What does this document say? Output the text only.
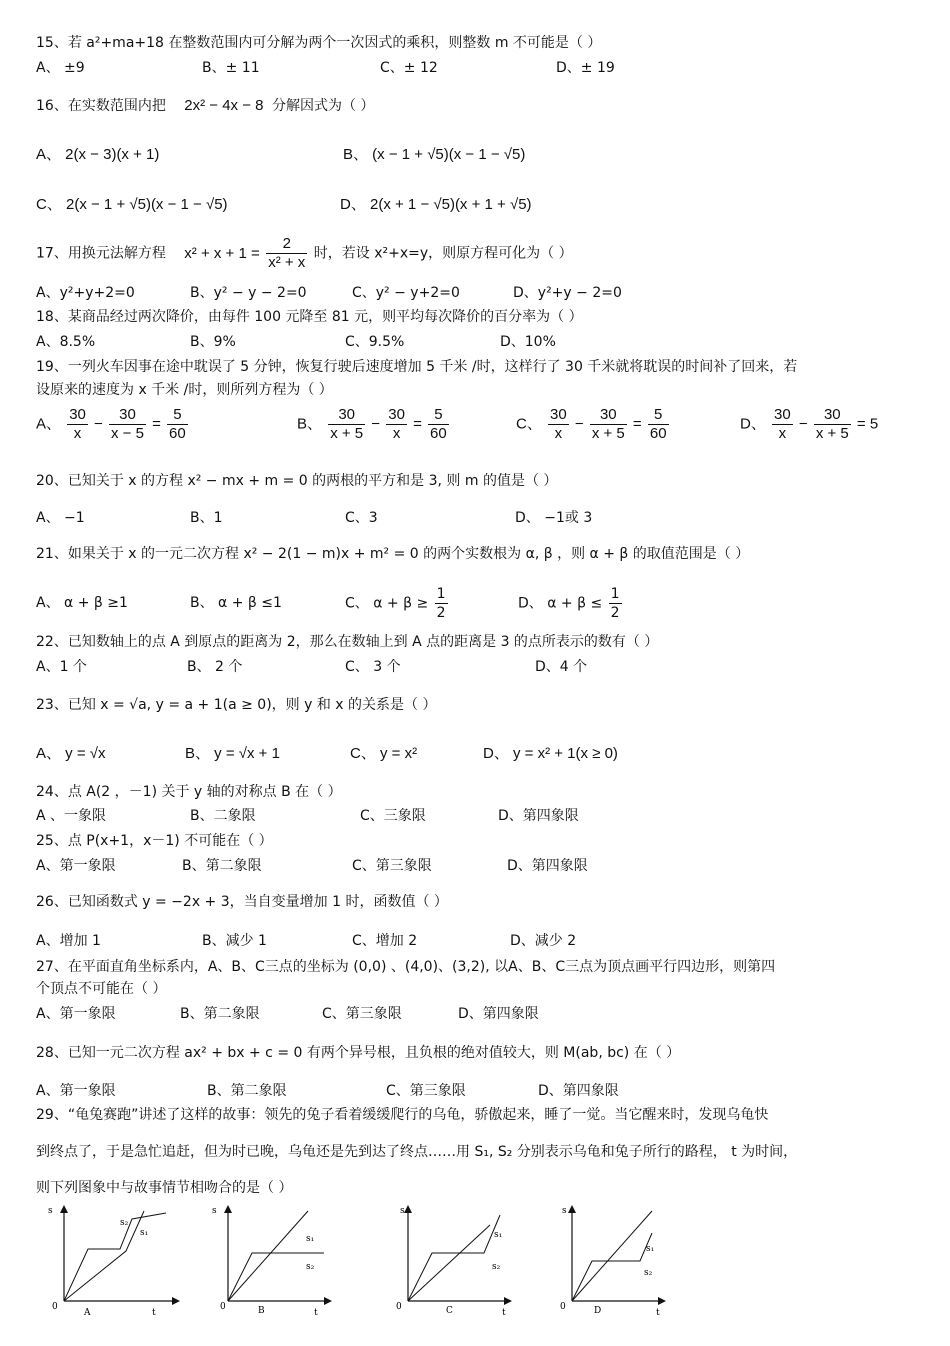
15、若 a²+ma+18 在整数范围内可分解为两个一次因式的乘积，则整数 m 不可能是（ ）
A、 ±9	B、± 11	C、± 12	D、± 19
16、在实数范围内把 2x² − 4x − 8 分解因式为（ ）
A、 2(x − 3)(x + 1)	B、 (x − 1 + √5)(x − 1 − √5)
C、 2(x − 1 + √5)(x − 1 − √5)	D、 2(x + 1 − √5)(x + 1 + √5)
17、用换元法解方程 $x^2 + x + 1 = \frac{2}{\text{x² + x}}$ 时，若设 x²+x=y，则原方程可化为（ ）
A、y²+y+2=0	B、y² − y − 2=0	C、y² − y+2=0	D、y²+y − 2=0
18、某商品经过两次降价，由每件 100 元降至 81 元，则平均每次降价的百分率为（ ）
A、8.5%	B、9%	C、9.5%	D、10%
19、一列火车因事在途中耽误了 5 分钟，恢复行驶后速度增加 5 千米 /时，这样行了 30 千米就将耽误的时间补了回来，若
设原来的速度为 x 千米 /时，则所列方程为（ ）
A、 $\frac{30}{x} - \frac{30}{x - 5} = \frac{5}{60}$	B、 $\frac{30}{x + 5} - \frac{30}{x} = \frac{5}{60}$	C、 $\frac{30}{x} - \frac{30}{x + 5} = \frac{5}{60}$	D、 $\frac{30}{x} - \frac{30}{x + 5} = 5$
20、已知关于 x 的方程 x² − mx + m = 0 的两根的平方和是 3, 则 m 的值是（ ）
A、 −1	B、1	C、3	D、 −1或 3
21、如果关于 x 的一元二次方程 x² − 2(1 − m)x + m² = 0 的两个实数根为 α, β ，则 α + β 的取值范围是（ ）
A、 α + β ≥1	B、 α + β ≤1	C、 $\alpha + \beta \ge \frac{1}{2}$	D、 $\alpha + \beta \le \frac{1}{2}$
22、已知数轴上的点 A 到原点的距离为 2，那么在数轴上到 A 点的距离是 3 的点所表示的数有（ ）
A、1 个	B、 2 个	C、 3 个	D、4 个
23、已知 x = √a, y = a + 1(a ≥ 0)，则 y 和 x 的关系是（ ）
A、 y = √x	B、 y = √x + 1	C、 y = x²	D、 y = x² + 1(x ≥ 0)
24、点 A(2 ，－1) 关于 y 轴的对称点 B 在（ ）
A 、一象限	B、二象限	C、三象限	D、第四象限
25、点 P(x+1，x－1) 不可能在（ ）
A、第一象限	B、第二象限	C、第三象限	D、第四象限
26、已知函数式 y = −2x + 3，当自变量增加 1 时，函数值（ ）
A、增加 1	B、减少 1	C、增加 2	D、减少 2
27、在平面直角坐标系内，A、B、C三点的坐标为 (0,0) 、(4,0)、(3,2), 以A、B、C三点为顶点画平行四边形，则第四
个顶点不可能在（ ）
A、第一象限	B、第二象限	C、第三象限	D、第四象限
28、已知一元二次方程 ax² + bx + c = 0 有两个异号根，且负根的绝对值较大，则 M(ab, bc) 在（ ）
A、第一象限	B、第二象限	C、第三象限	D、第四象限
29、“龟兔赛跑”讲述了这样的故事：领先的兔子看着缓缓爬行的乌龟，骄傲起来，睡了一觉。当它醒来时，发现乌龟快
到终点了，于是急忙追赶，但为时已晚，乌龟还是先到达了终点……用 S₁, S₂ 分别表示乌龟和兔子所行的路程， t 为时间，
则下列图象中与故事情节相吻合的是（ ）
s
t
0
s₂
s₁
A
s
t
0
s₁
s₂
B
s
t
0
s₁
s₂
C
s
t
0
s₁
s₂
D
